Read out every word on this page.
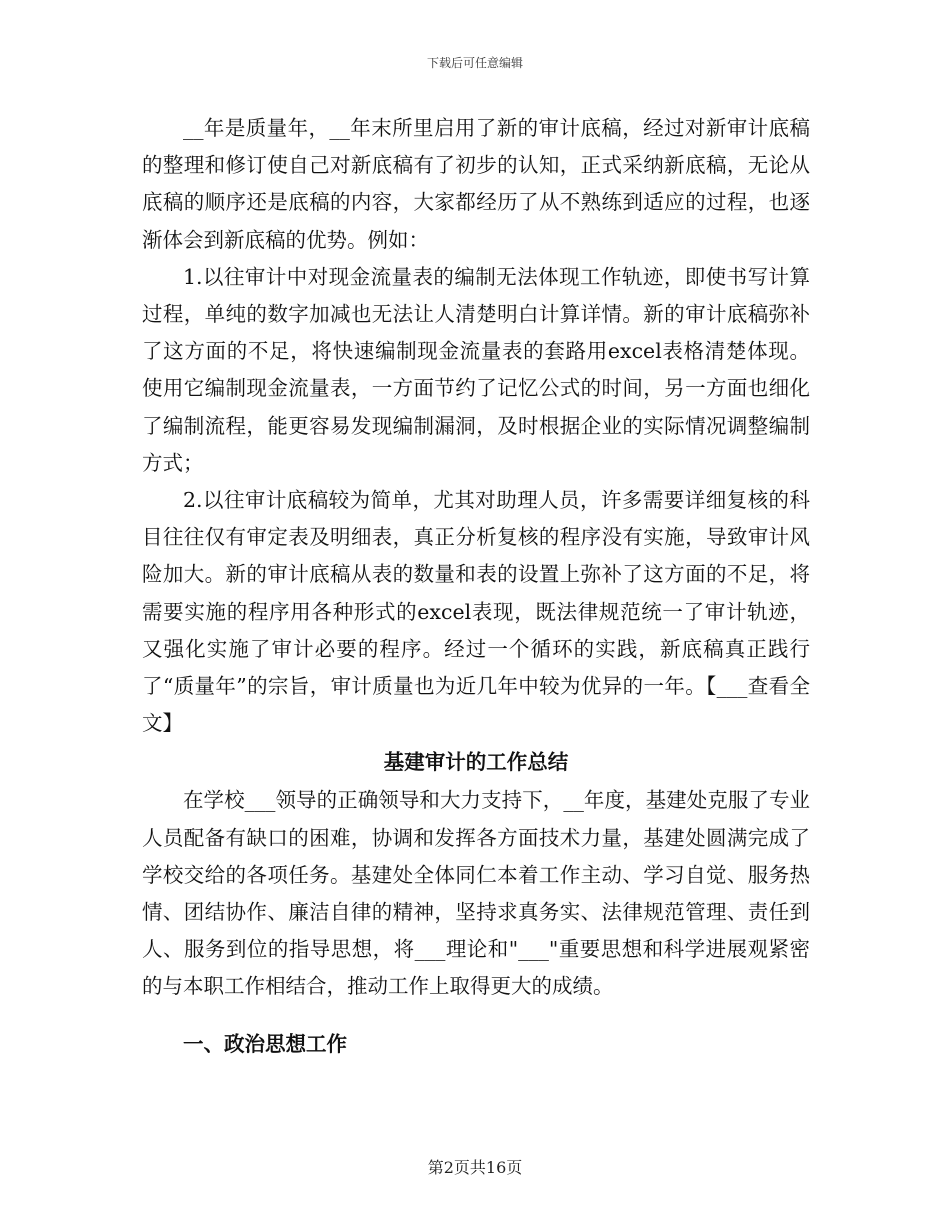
下载后可任意编辑

__年是质量年，__年末所里启用了新的审计底稿，经过对新审计底稿的整理和修订使自己对新底稿有了初步的认知，正式采纳新底稿，无论从底稿的顺序还是底稿的内容，大家都经历了从不熟练到适应的过程，也逐渐体会到新底稿的优势。例如：

1.以往审计中对现金流量表的编制无法体现工作轨迹，即使书写计算过程，单纯的数字加减也无法让人清楚明白计算详情。新的审计底稿弥补了这方面的不足，将快速编制现金流量表的套路用excel表格清楚体现。使用它编制现金流量表，一方面节约了记忆公式的时间，另一方面也细化了编制流程，能更容易发现编制漏洞，及时根据企业的实际情况调整编制方式；

2.以往审计底稿较为简单，尤其对助理人员，许多需要详细复核的科目往往仅有审定表及明细表，真正分析复核的程序没有实施，导致审计风险加大。新的审计底稿从表的数量和表的设置上弥补了这方面的不足，将需要实施的程序用各种形式的excel表现，既法律规范统一了审计轨迹，又强化实施了审计必要的程序。经过一个循环的实践，新底稿真正践行了“质量年”的宗旨，审计质量也为近几年中较为优异的一年。【___查看全文】

基建审计的工作总结

在学校___领导的正确领导和大力支持下，__年度，基建处克服了专业人员配备有缺口的困难，协调和发挥各方面技术力量，基建处圆满完成了学校交给的各项任务。基建处全体同仁本着工作主动、学习自觉、服务热情、团结协作、廉洁自律的精神，坚持求真务实、法律规范管理、责任到人、服务到位的指导思想，将___理论和"___"重要思想和科学进展观紧密的与本职工作相结合，推动工作上取得更大的成绩。

一、政治思想工作
第2页共16页
